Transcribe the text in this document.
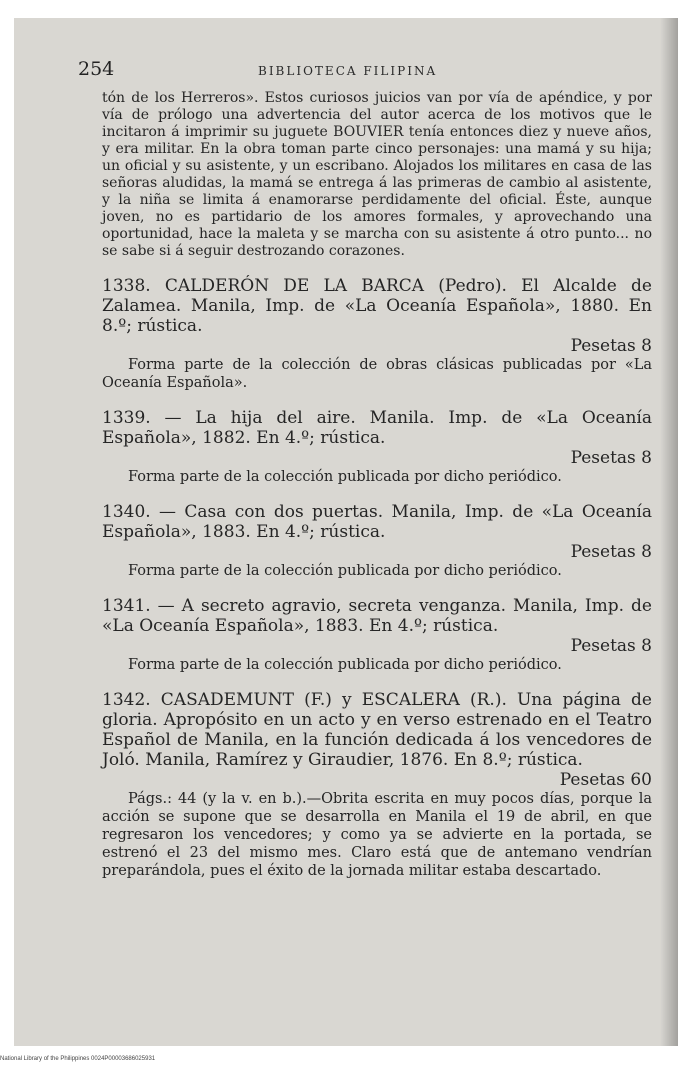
254	BIBLIOTECA FILIPINA

tón de los Herreros». Estos curiosos juicios van por vía de apéndice, y por vía de prólogo una advertencia del autor acerca de los motivos que le incitaron á imprimir su juguete BOUVIER tenía entonces diez y nueve años, y era militar. En la obra toman parte cinco personajes: una mamá y su hija; un oficial y su asistente, y un escribano. Alojados los militares en casa de las señoras aludidas, la mamá se entrega á las primeras de cambio al asistente, y la niña se limita á enamorarse perdidamente del oficial. Éste, aunque joven, no es partidario de los amores formales, y aprovechando una oportunidad, hace la maleta y se marcha con su asistente á otro punto... no se sabe si á seguir destrozando corazones.

1338. CALDERÓN DE LA BARCA (Pedro). El Alcalde de Zalamea. Manila, Imp. de «La Oceanía Española», 1880. En 8.º; rústica.

Pesetas 8

Forma parte de la colección de obras clásicas publicadas por «La Oceanía Española».

1339. — La hija del aire. Manila. Imp. de «La Oceanía Española», 1882. En 4.º; rústica.

Pesetas 8

Forma parte de la colección publicada por dicho periódico.

1340. — Casa con dos puertas. Manila, Imp. de «La Oceanía Española», 1883. En 4.º; rústica.

Pesetas 8

Forma parte de la colección publicada por dicho periódico.

1341. — A secreto agravio, secreta venganza. Manila, Imp. de «La Oceanía Española», 1883. En 4.º; rústica.

Pesetas 8

Forma parte de la colección publicada por dicho periódico.

1342. CASADEMUNT (F.) y ESCALERA (R.). Una página de gloria. Apropósito en un acto y en verso estrenado en el Teatro Español de Manila, en la función dedicada á los vencedores de Joló. Manila, Ramírez y Giraudier, 1876. En 8.º; rústica.

Pesetas 60

Págs.: 44 (y la v. en b.).—Obrita escrita en muy pocos días, porque la acción se supone que se desarrolla en Manila el 19 de abril, en que regresaron los vencedores; y como ya se advierte en la portada, se estrenó el 23 del mismo mes. Claro está que de antemano vendrían preparándola, pues el éxito de la jornada militar estaba descartado.

National Library of the Philippines 0024P00003686025931
